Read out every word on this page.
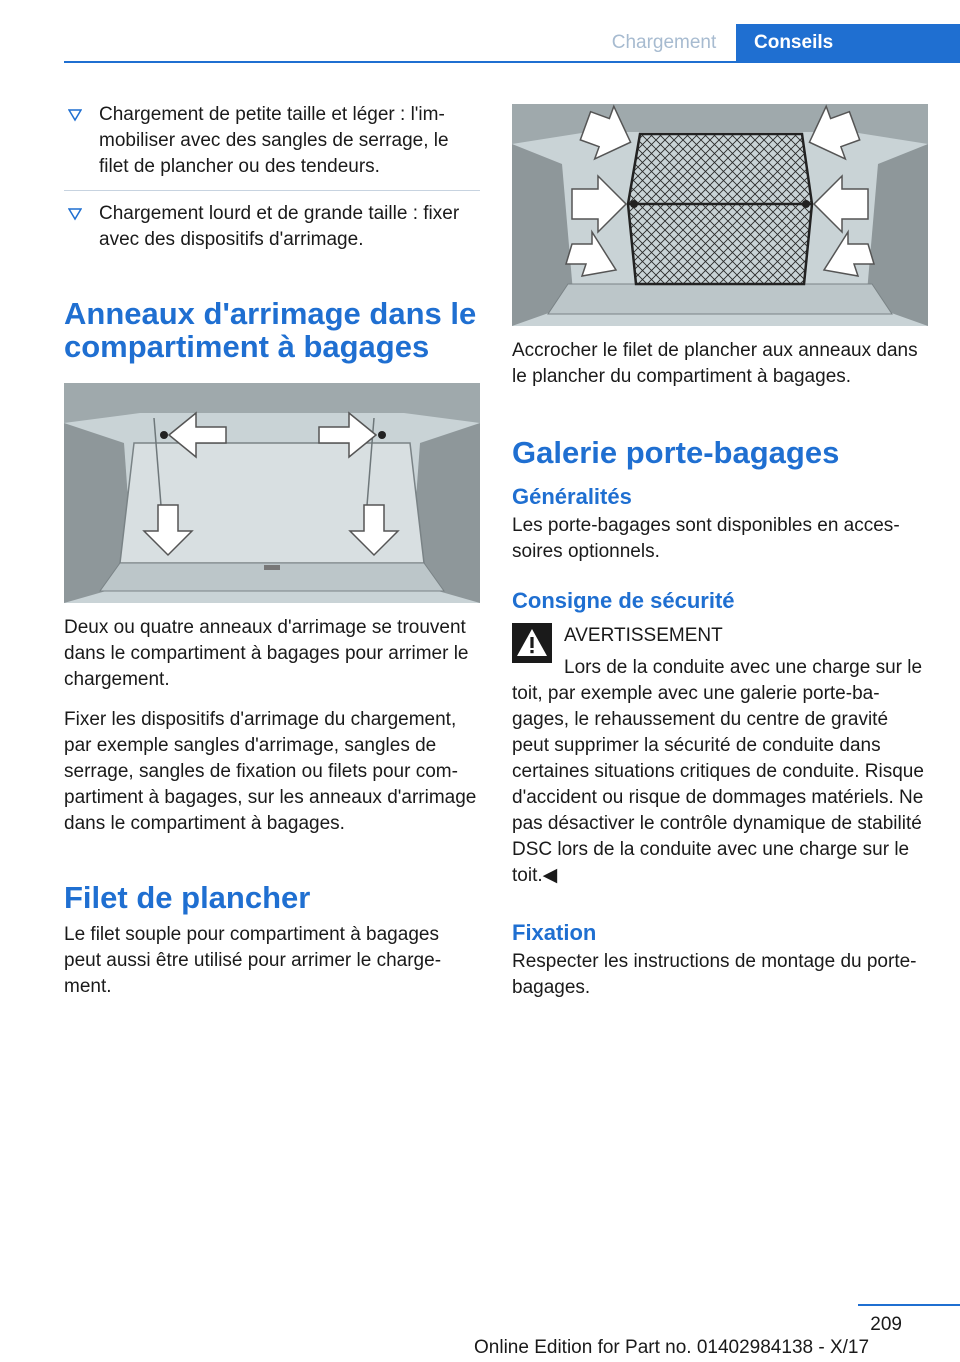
Chargement	Conseils
Chargement de petite taille et léger : l'immobiliser avec des sangles de serrage, le filet de plancher ou des tendeurs.
Chargement lourd et de grande taille : fixer avec des dispositifs d'arrimage.
Anneaux d'arrimage dans le compartiment à bagages
Deux ou quatre anneaux d'arrimage se trouvent dans le compartiment à bagages pour arrimer le chargement.
Fixer les dispositifs d'arrimage du chargement, par exemple sangles d'arrimage, sangles de serrage, sangles de fixation ou filets pour compartiment à bagages, sur les anneaux d'arrimage dans le compartiment à bagages.
Filet de plancher
Le filet souple pour compartiment à bagages peut aussi être utilisé pour arrimer le chargement.
Accrocher le filet de plancher aux anneaux dans le plancher du compartiment à bagages.
Galerie porte-bagages
Généralités
Les porte-bagages sont disponibles en accessoires optionnels.
Consigne de sécurité
AVERTISSEMENT
Lors de la conduite avec une charge sur le toit, par exemple avec une galerie porte-bagages, le rehaussement du centre de gravité peut supprimer la sécurité de conduite dans certaines situations critiques de conduite. Risque d'accident ou risque de dommages matériels. Ne pas désactiver le contrôle dynamique de stabilité DSC lors de la conduite avec une charge sur le toit.◀
Fixation
Respecter les instructions de montage du porte-bagages.
209
Online Edition for Part no. 01402984138 - X/17
